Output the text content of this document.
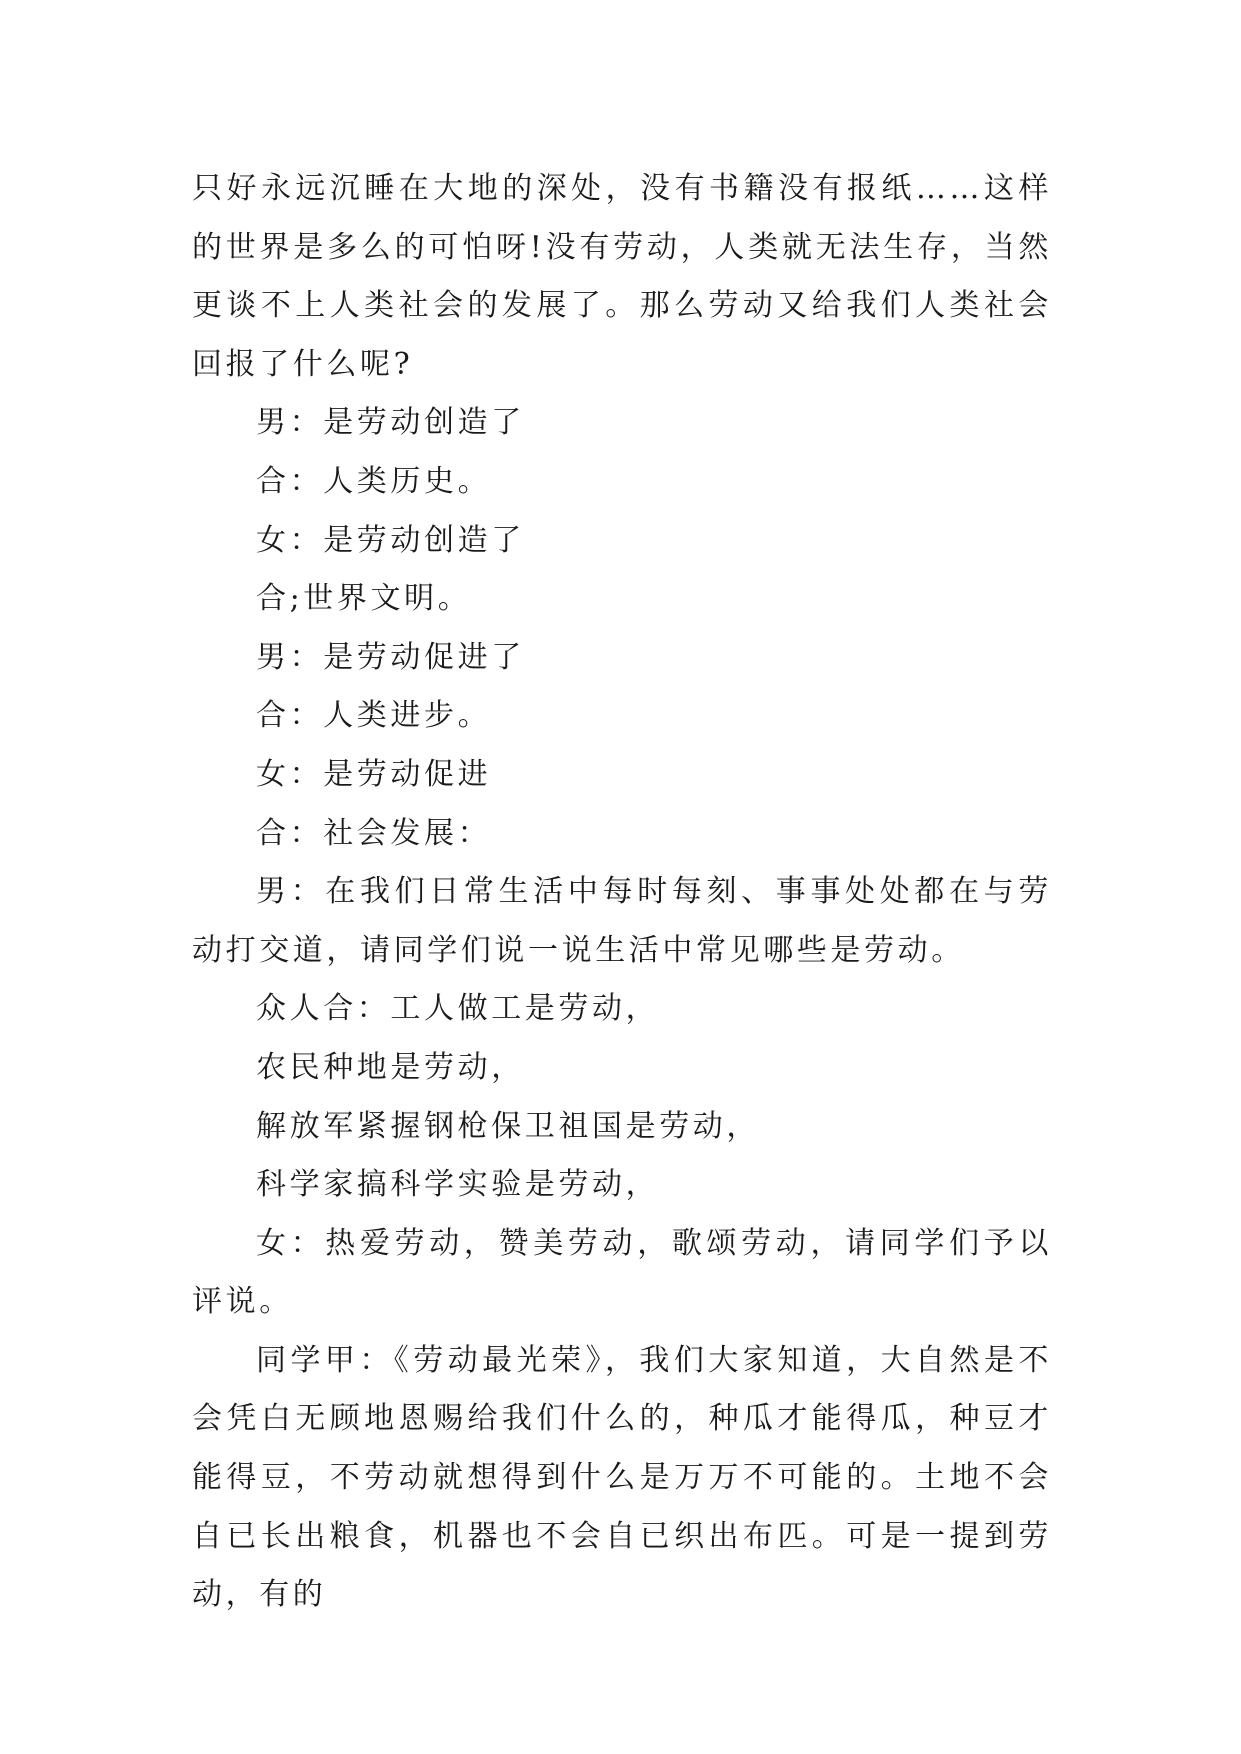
只好永远沉睡在大地的深处，没有书籍没有报纸……这样的世界是多么的可怕呀!没有劳动，人类就无法生存，当然更谈不上人类社会的发展了。那么劳动又给我们人类社会回报了什么呢?

男：是劳动创造了

合：人类历史。

女：是劳动创造了

合;世界文明。

男：是劳动促进了

合：人类进步。

女：是劳动促进

合：社会发展：

男：在我们日常生活中每时每刻、事事处处都在与劳动打交道，请同学们说一说生活中常见哪些是劳动。

众人合：工人做工是劳动，

农民种地是劳动，

解放军紧握钢枪保卫祖国是劳动，

科学家搞科学实验是劳动，

女：热爱劳动，赞美劳动，歌颂劳动，请同学们予以评说。

同学甲：《劳动最光荣》，我们大家知道，大自然是不会凭白无顾地恩赐给我们什么的，种瓜才能得瓜，种豆才能得豆，不劳动就想得到什么是万万不可能的。土地不会自已长出粮食，机器也不会自已织出布匹。可是一提到劳动，有的
